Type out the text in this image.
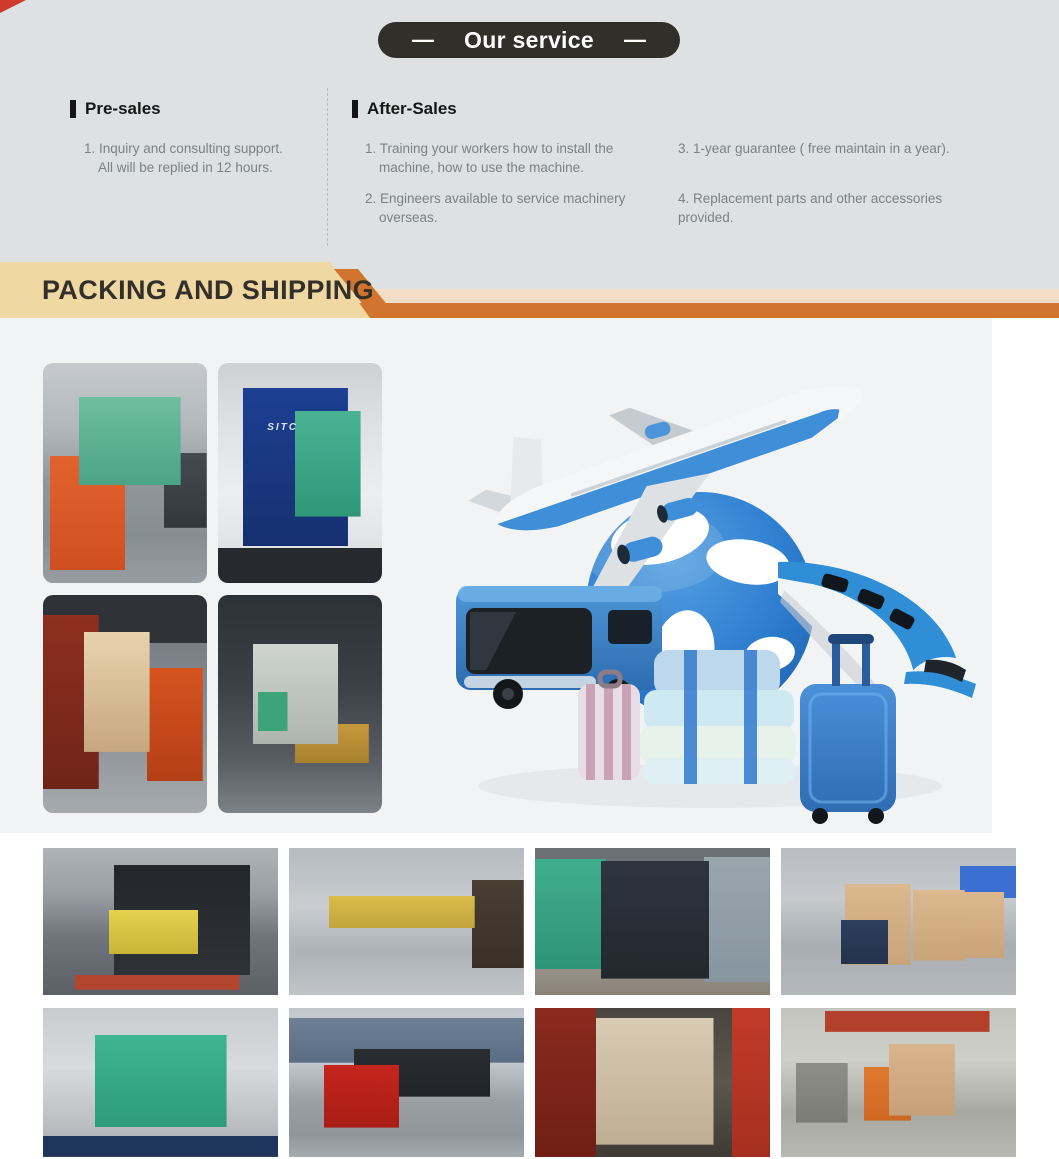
— Our service —
Pre-sales
1. Inquiry and consulting support.
All will be replied in 12 hours.
After-Sales
1. Training your workers how to install the
machine, how to use the machine.
2. Engineers available to service machinery
overseas.
3. 1-year guarantee ( free maintain in a year).
4. Replacement parts and other accessories
provided.
PACKING AND SHIPPING
SITC
